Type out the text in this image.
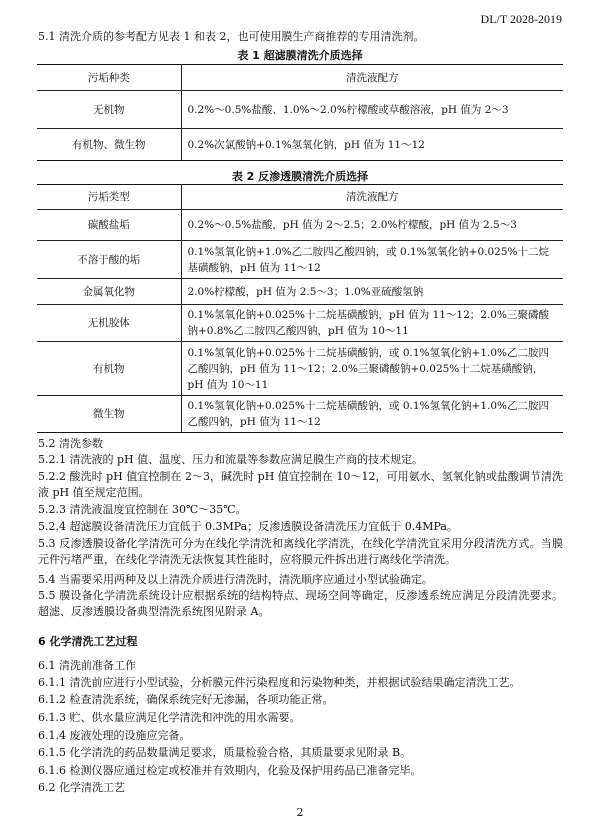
DL/T 2028-2019
5.1 清洗介质的参考配方见表 1 和表 2，也可使用膜生产商推荐的专用清洗剂。
表 1 超滤膜清洗介质选择
污垢种类	清洗液配方
无机物	0.2%～0.5%盐酸、1.0%～2.0%柠檬酸或草酸溶液，pH 值为 2～3
有机物、微生物	0.2%次氯酸钠+0.1%氢氧化钠，pH 值为 11～12
表 2 反渗透膜清洗介质选择
污垢类型	清洗液配方
碳酸盐垢	0.2%～0.5%盐酸，pH 值为 2～2.5；2.0%柠檬酸，pH 值为 2.5～3
不溶于酸的垢	0.1%氢氧化钠+1.0%乙二胺四乙酸四钠，或 0.1%氢氧化钠+0.025%十二烷基磺酸钠，pH 值为 11～12
金属氧化物	2.0%柠檬酸，pH 值为 2.5～3；1.0%亚硫酸氢钠
无机胶体	0.1%氢氧化钠+0.025%十二烷基磺酸钠，pH 值为 11～12；2.0%三聚磷酸钠+0.8%乙二胺四乙酸四钠，pH 值为 10～11
有机物	0.1%氢氧化钠+0.025%十二烷基磺酸钠，或 0.1%氢氧化钠+1.0%乙二胺四乙酸四钠，pH 值为 11～12；2.0%三聚磷酸钠+0.025%十二烷基磺酸钠，pH 值为 10～11
微生物	0.1%氢氧化钠+0.025%十二烷基磺酸钠，或 0.1%氢氧化钠+1.0%乙二胺四乙酸四钠，pH 值为 11～12
5.2 清洗参数
5.2.1 清洗液的 pH 值、温度、压力和流量等参数应满足膜生产商的技术规定。
5.2.2 酸洗时 pH 值宜控制在 2～3，碱洗时 pH 值宜控制在 10～12，可用氨水、氢氧化钠或盐酸调节清洗液 pH 值至规定范围。
5.2.3 清洗液温度宜控制在 30℃～35℃。
5.2.4 超滤膜设备清洗压力宜低于 0.3MPa；反渗透膜设备清洗压力宜低于 0.4MPa。
5.3 反渗透膜设备化学清洗可分为在线化学清洗和离线化学清洗，在线化学清洗宜采用分段清洗方式。当膜元件污堵严重，在线化学清洗无法恢复其性能时，应将膜元件拆出进行离线化学清洗。
5.4 当需要采用两种及以上清洗介质进行清洗时，清洗顺序应通过小型试验确定。
5.5 膜设备化学清洗系统设计应根据系统的结构特点、现场空间等确定，反渗透系统应满足分段清洗要求。超滤、反渗透膜设备典型清洗系统图见附录 A。
6 化学清洗工艺过程
6.1 清洗前准备工作
6.1.1 清洗前应进行小型试验，分析膜元件污染程度和污染物种类，并根据试验结果确定清洗工艺。
6.1.2 检查清洗系统，确保系统完好无渗漏，各项功能正常。
6.1.3 贮、供水量应满足化学清洗和冲洗的用水需要。
6.1.4 废液处理的设施应完备。
6.1.5 化学清洗的药品数量满足要求，质量检验合格，其质量要求见附录 B。
6.1.6 检测仪器应通过检定或校准并有效期内，化验及保护用药品已准备完毕。
6.2 化学清洗工艺
2
